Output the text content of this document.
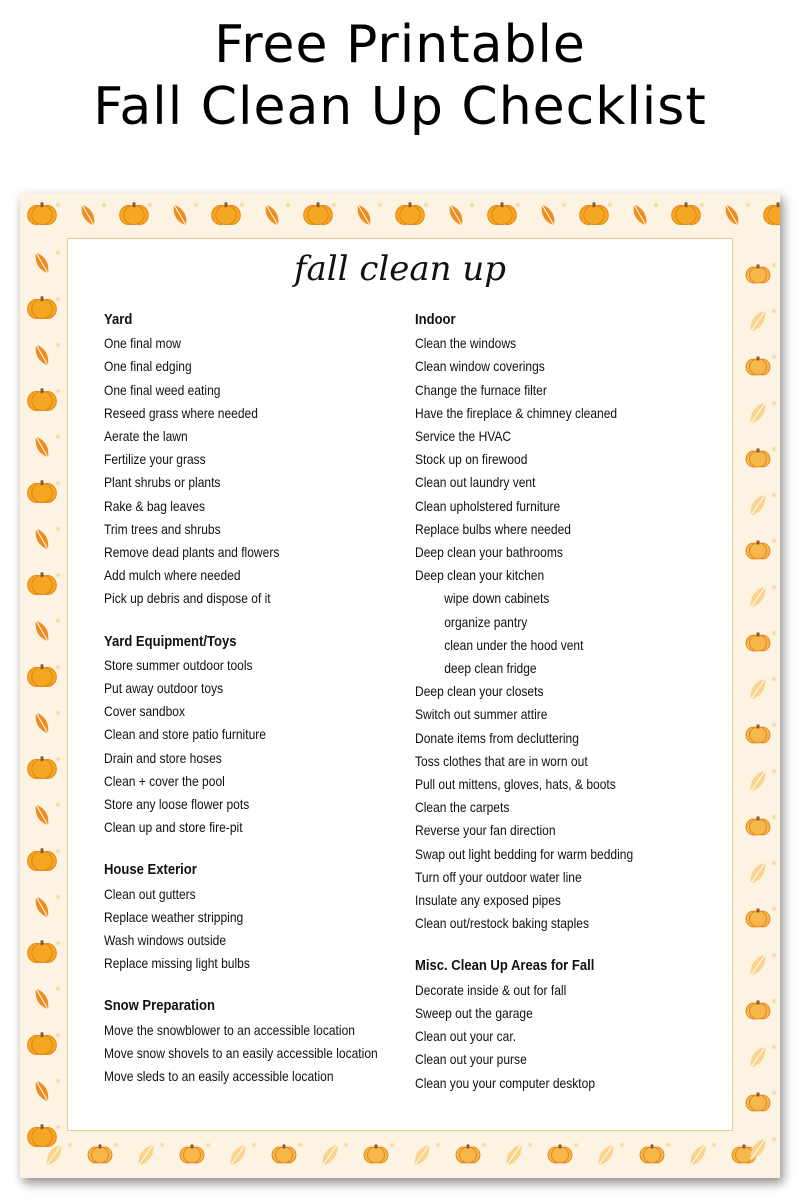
Free Printable
Fall Clean Up Checklist
fall clean up
Yard
One final mow
One final edging
One final weed eating
Reseed grass where needed
Aerate the lawn
Fertilize your grass
Plant shrubs or plants
Rake & bag leaves
Trim trees and shrubs
Remove dead plants and flowers
Add mulch where needed
Pick up debris and dispose of it
Yard Equipment/Toys
Store summer outdoor tools
Put away outdoor toys
Cover sandbox
Clean and store patio furniture
Drain and store hoses
Clean + cover the pool
Store any loose flower pots
Clean up and store fire-pit
House Exterior
Clean out gutters
Replace weather stripping
Wash windows outside
Replace missing light bulbs
Snow Preparation
Move the snowblower to an accessible location
Move snow shovels to an easily accessible location
Move sleds to an easily accessible location
Indoor
Clean the windows
Clean window coverings
Change the furnace filter
Have the fireplace & chimney cleaned
Service the HVAC
Stock up on firewood
Clean out laundry vent
Clean upholstered furniture
Replace bulbs where needed
Deep clean your bathrooms
Deep clean your kitchen
wipe down cabinets
organize pantry
clean under the hood vent
deep clean fridge
Deep clean your closets
Switch out summer attire
Donate items from decluttering
Toss clothes that are in worn out
Pull out mittens, gloves, hats, & boots
Clean the carpets
Reverse your fan direction
Swap out light bedding for warm bedding
Turn off your outdoor water line
Insulate any exposed pipes
Clean out/restock baking staples
Misc. Clean Up Areas for Fall
Decorate inside & out for fall
Sweep out the garage
Clean out your car.
Clean out your purse
Clean you your computer desktop
